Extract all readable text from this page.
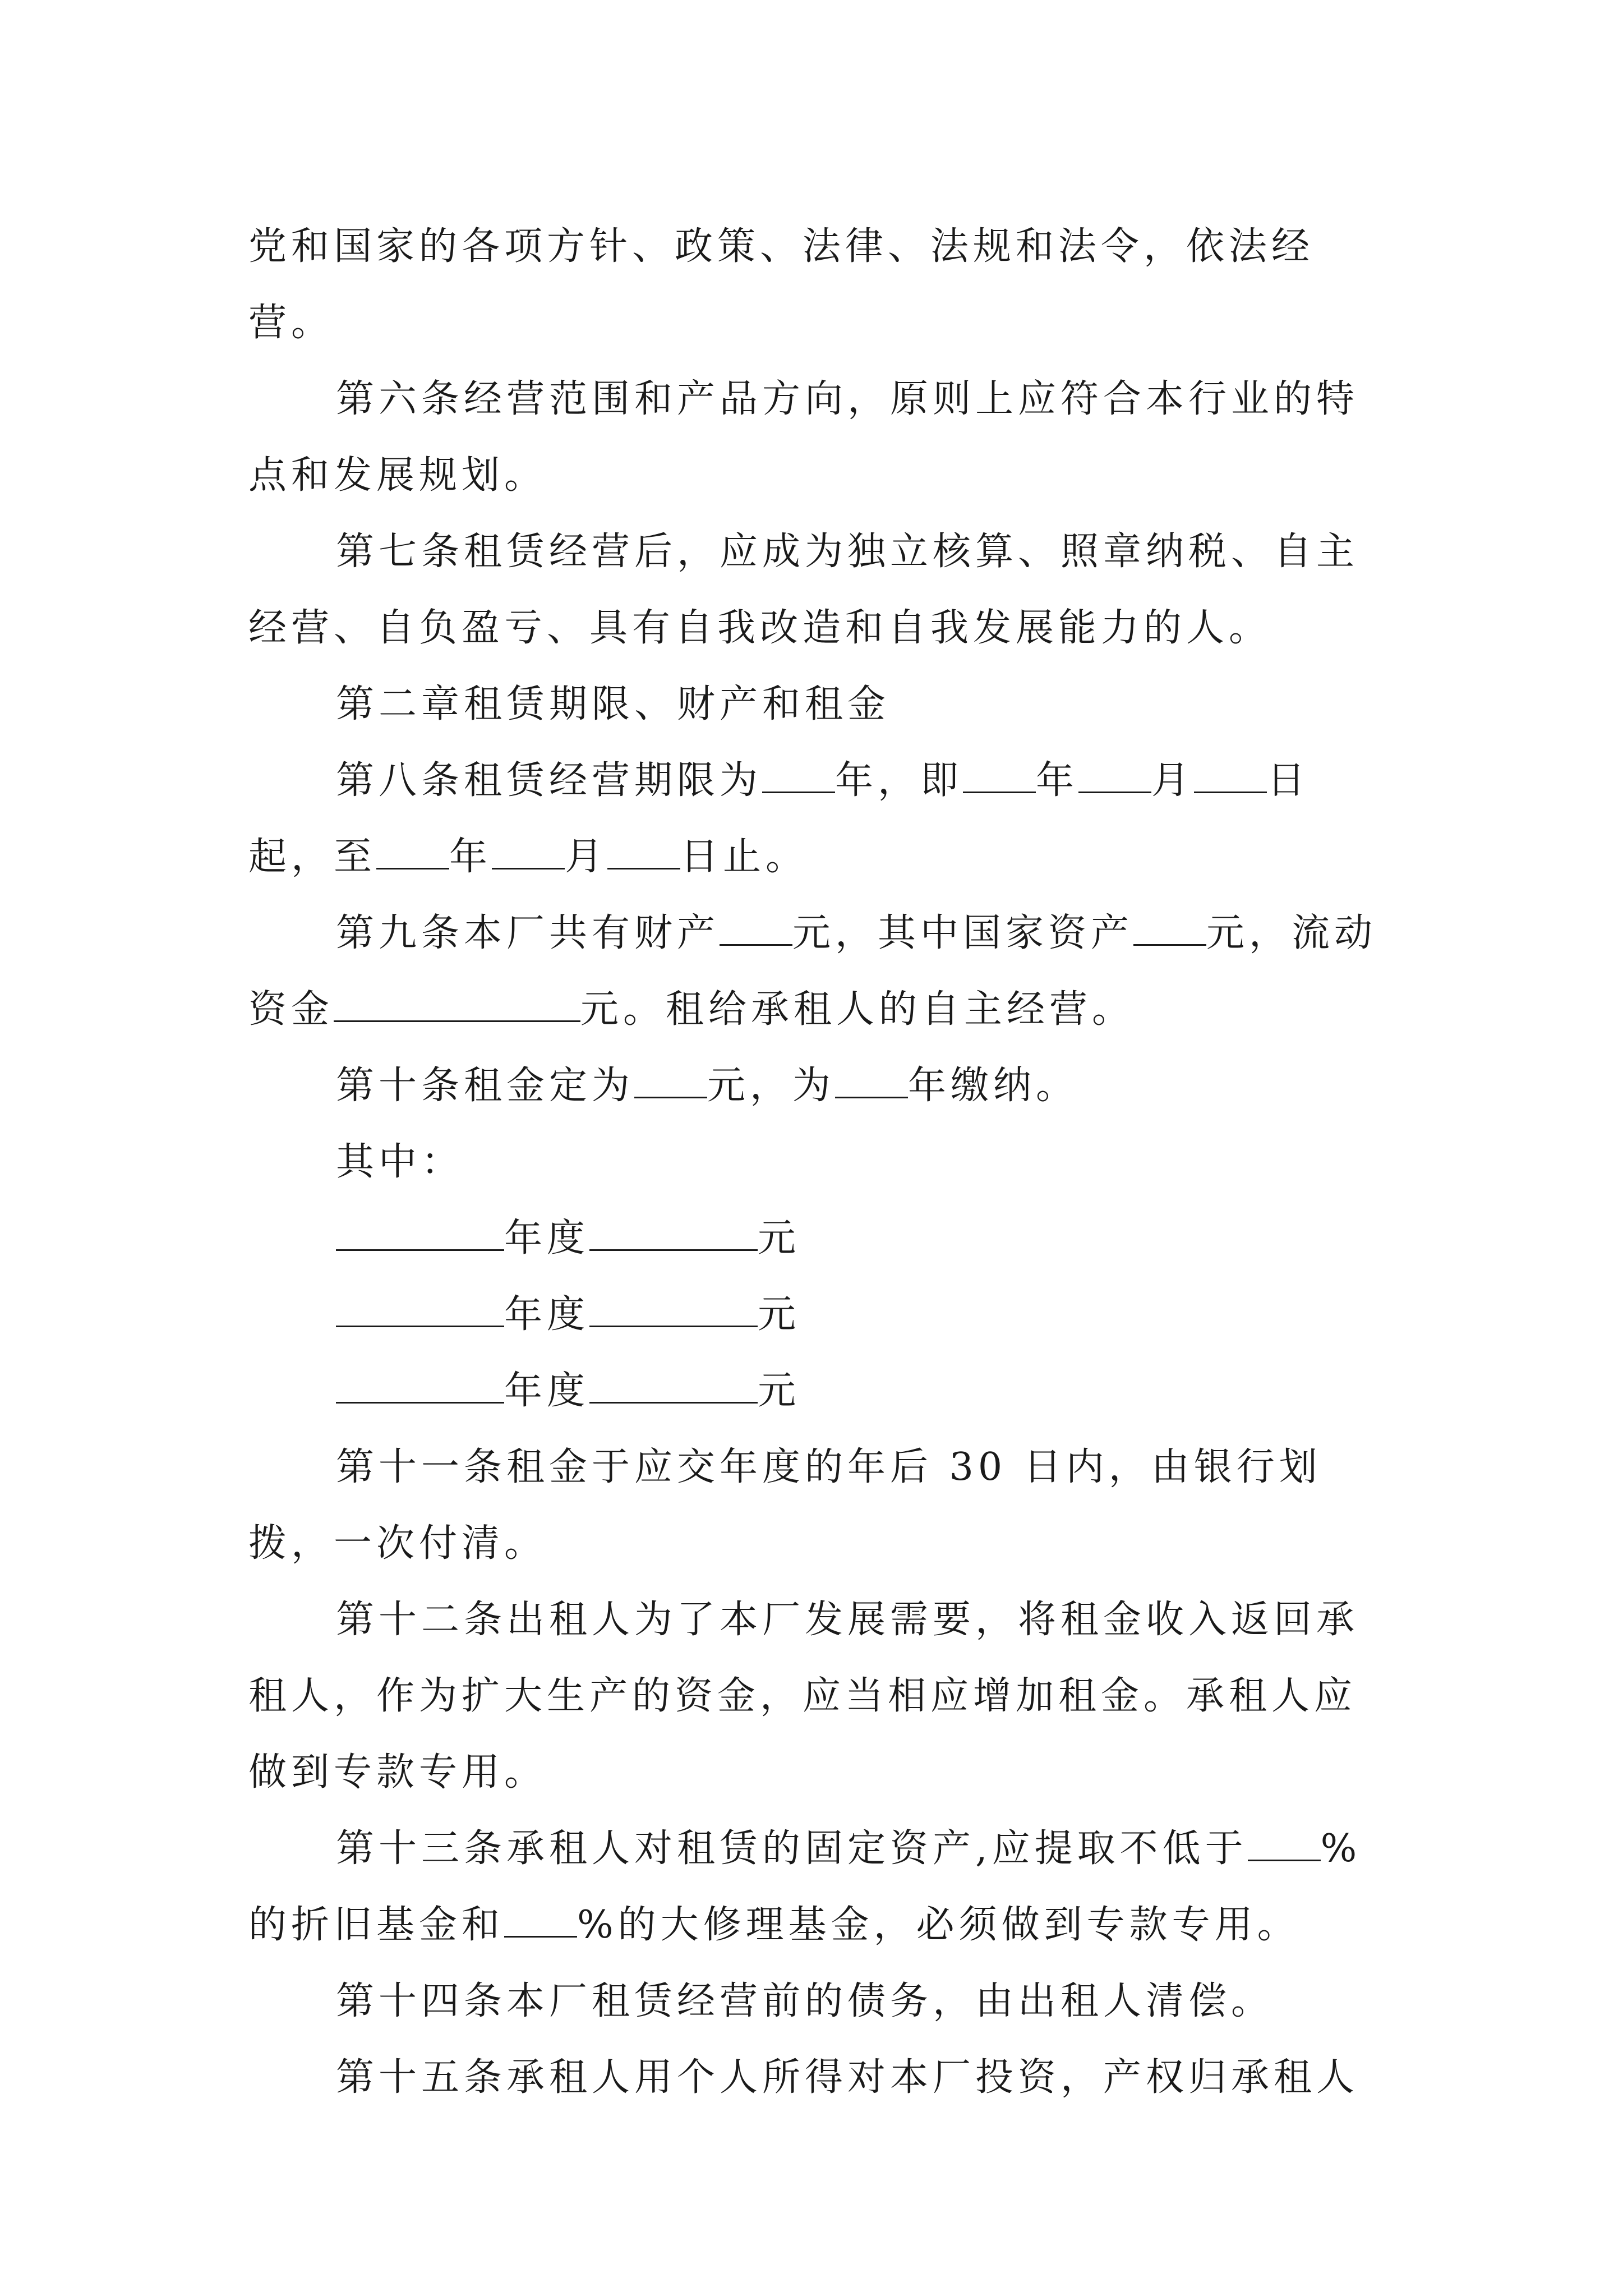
党和国家的各项方针、政策、法律、法规和法令，依法经营。

第六条经营范围和产品方向，原则上应符合本行业的特点和发展规划。

第七条租赁经营后，应成为独立核算、照章纳税、自主经营、自负盈亏、具有自我改造和自我发展能力的人。

第二章租赁期限、财产和租金

第八条租赁经营期限为 年，即 年 月 日起，至 年 月 日止。

第九条本厂共有财产 元，其中国家资产 元，流动资金	元。租给承租人的自主经营。

第十条租金定为 元，为 年缴纳。

其中：

年度	元

年度	元

年度	元

第十一条租金于应交年度的年后 30 日内，由银行划拨，一次付清。

第十二条出租人为了本厂发展需要，将租金收入返回承租人，作为扩大生产的资金，应当相应增加租金。承租人应做到专款专用。

第十三条承租人对租赁的固定资产,应提取不低于 %的折旧基金和 %的大修理基金，必须做到专款专用。

第十四条本厂租赁经营前的债务，由出租人清偿。

第十五条承租人用个人所得对本厂投资，产权归承租人
